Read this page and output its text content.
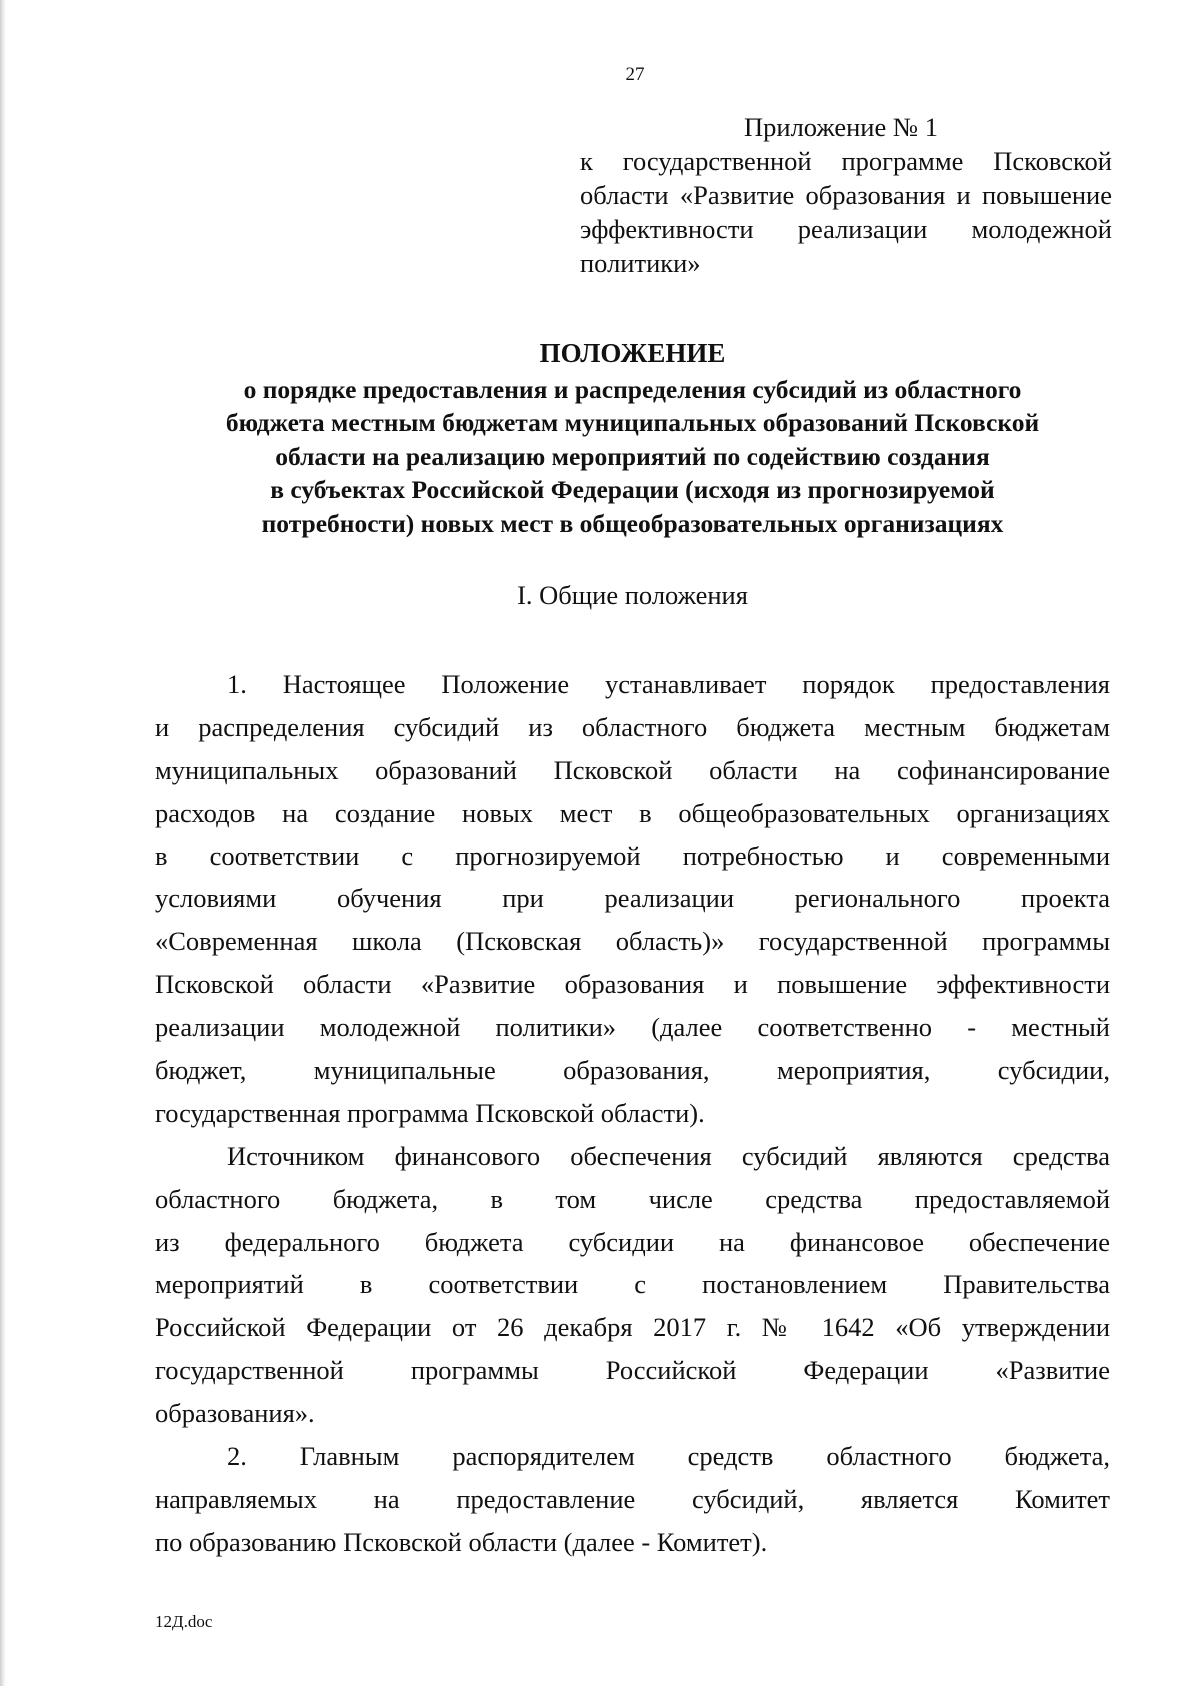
27
Приложение № 1
к государственной программе Псковской области «Развитие образования и повышение эффективности реализации молодежной политики»
ПОЛОЖЕНИЕ
о порядке предоставления и распределения субсидий из областного
бюджета местным бюджетам муниципальных образований Псковской
области на реализацию мероприятий по содействию создания
в субъектах Российской Федерации (исходя из прогнозируемой
потребности) новых мест в общеобразовательных организациях
I. Общие положения
1. Настоящее Положение устанавливает порядок предоставления
и распределения субсидий из областного бюджета местным бюджетам
муниципальных образований Псковской области на софинансирование
расходов на создание новых мест в общеобразовательных организациях
в соответствии с прогнозируемой потребностью и современными
условиями обучения при реализации регионального проекта
«Современная школа (Псковская область)» государственной программы
Псковской области «Развитие образования и повышение эффективности
реализации молодежной политики» (далее соответственно - местный
бюджет, муниципальные образования, мероприятия, субсидии,
государственная программа Псковской области).
Источником финансового обеспечения субсидий являются средства
областного бюджета, в том числе средства предоставляемой
из федерального бюджета субсидии на финансовое обеспечение
мероприятий в соответствии с постановлением Правительства
Российской Федерации от 26 декабря 2017 г. № 1642 «Об утверждении
государственной программы Российской Федерации «Развитие
образования».
2. Главным распорядителем средств областного бюджета,
направляемых на предоставление субсидий, является Комитет
по образованию Псковской области (далее - Комитет).
12Д.doc
